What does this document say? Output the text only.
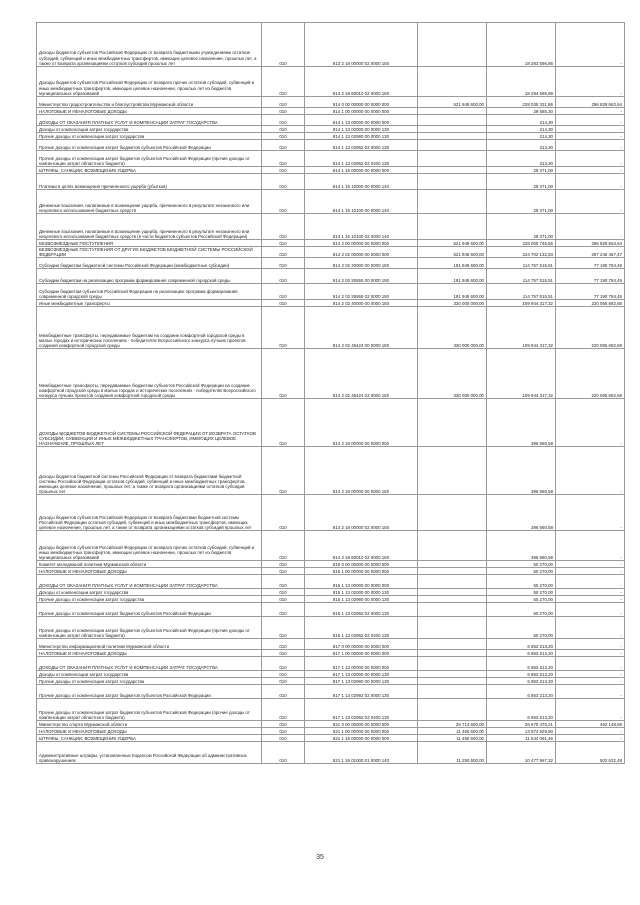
Доходы бюджетов субъектов Российской Федерации от возврата бюджетными учреждениями остатков субсидий, субвенций и иных межбюджетных трансфертов, имеющих целевое назначение, прошлых лет, а также от возврата организациями остатков субсидий прошлых лет	010	813 2 18 00000 02 0000 150		18 283 596,86	-
Доходы бюджетов субъектов Российской Федерации от возврата прочих остатков субсидий, субвенций и иных межбюджетных трансфертов, имеющих целевое назначение, прошлых лет из бюджетов муниципальных образований	010	813 2 18 60010 02 0000 150		18 284 596,89	-
Министерство градостроительства и благоустройства Мурманской области	010	814 0 00 00000 00 0000 000	521 948 600,00	228 035 331,86	296 829 663,64
НАЛОГОВЫЕ И НЕНАЛОГОВЫЕ ДОХОДЫ	010	814 1 00 00000 00 0000 000		29 585,30	-
ДОХОДЫ ОТ ОКАЗАНИЯ ПЛАТНЫХ УСЛУГ И КОМПЕНСАЦИИ ЗАТРАТ ГОСУДАРСТВА	010	814 1 13 00000 00 0000 000		214,30	-
Доходы от компенсации затрат государства	010	814 1 13 02000 00 0000 130		214,30	-
Прочие доходы от компенсации затрат государства	010	814 1 13 02990 00 0000 130		214,30	-
Прочие доходы от компенсации затрат бюджетов субъектов Российской Федерации	010	814 1 13 02992 02 0000 130		214,30	-
Прочие доходы от компенсации затрат бюджетов субъектов Российской Федерации (прочие доходы от компенсации затрат областного бюджета)	010	814 1 13 02992 02 0400 130		214,30	-
ШТРАФЫ, САНКЦИИ, ВОЗМЕЩЕНИЕ УЩЕРБА	010	814 1 16 00000 00 0000 000		29 371,00	-
Платежи в целях возмещения причиненного ущерба (убытков)	010	814 1 16 10000 00 0000 140		29 371,00	-
Денежные взыскания, налагаемые в возмещение ущерба, причиненного в результате незаконного или нецелевого использования бюджетных средств	010	814 1 16 10100 00 0000 140		29 371,00	-
Денежные взыскания, налагаемые в возмещение ущерба, причиненного в результате незаконного или нецелевого использования бюджетных средств (в части бюджетов субъектов Российской Федерации)	010	814 1 16 10100 02 0000 140		29 371,00	-
БЕЗВОЗМЕЗДНЫЕ ПОСТУПЛЕНИЯ	010	814 2 00 00000 00 0000 000	521 948 600,00	228 005 746,56	296 829 663,64
БЕЗВОЗМЕЗДНЫЕ ПОСТУПЛЕНИЯ ОТ ДРУГИХ БЮДЖЕТОВ БЮДЖЕТНОЙ СИСТЕМЫ РОССИЙСКОЙ ФЕДЕРАЦИИ	010	814 2 02 00000 00 0000 000	521 948 600,00	224 702 132,83	297 246 467,47
Субсидии бюджетам бюджетной системы Российской Федерации (межбюджетные субсидии)	010	814 2 02 20000 00 0000 150	191 948 600,00	114 757 515,51	77 190 784,49
Субсидии бюджетам на реализацию программ формирования современной городской среды	010	814 2 02 25555 00 0000 150	191 948 600,00	114 757 515,51	77 190 784,49
Субсидии бюджетам субъектов Российской Федерации на реализацию программ формирования современной городской среды	010	814 2 02 25555 02 0000 150	191 948 600,00	114 757 515,51	77 190 784,49
Иные межбюджетные трансферты	010	814 2 02 40000 00 0000 150	330 000 000,00	109 944 317,32	220 055 682,68
Межбюджетные трансферты, передаваемые бюджетам на создание комфортной городской среды в малых городах и исторических поселениях - победителях Всероссийского конкурса лучших проектов создания комфортной городской среды	010	814 2 02 45424 00 0000 150	330 000 000,00	109 944 317,32	220 055 682,68
Межбюджетные трансферты, передаваемые бюджетам субъектов Российской Федерации на создание комфортной городской среды в малых городах и исторических поселениях - победителях Всероссийского конкурса лучших проектов создания комфортной городской среды	010	814 2 02 45424 02 0000 150	330 000 000,00	109 944 317,32	220 055 682,68
ДОХОДЫ БЮДЖЕТОВ БЮДЖЕТНОЙ СИСТЕМЫ РОССИЙСКОЙ ФЕДЕРАЦИИ ОТ ВОЗВРАТА ОСТАТКОВ СУБСИДИЙ, СУБВЕНЦИЙ И ИНЫХ МЕЖБЮДЖЕТНЫХ ТРАНСФЕРТОВ, ИМЕЮЩИХ ЦЕЛЕВОЕ НАЗНАЧЕНИЕ, ПРОШЛЫХ ЛЕТ	010	814 2 18 00000 00 0000 000		396 680,58	-
Доходы бюджетов бюджетной системы Российской Федерации от возврата бюджетами бюджетной системы Российской Федерации остатков субсидий, субвенций и иных межбюджетных трансфертов, имеющих целевое назначение, прошлых лет, а также от возврата организациями остатков субсидий прошлых лет	010	814 2 18 00000 00 0000 150		396 680,58	-
Доходы бюджетов субъектов Российской Федерации от возврата бюджетами бюджетной системы Российской Федерации остатков субсидий, субвенций и иных межбюджетных трансфертов, имеющих целевое назначение, прошлых лет, а также от возврата организациями остатков субсидий прошлых лет	010	814 2 18 00000 02 0000 150		396 680,58	-
Доходы бюджетов субъектов Российской Федерации от возврата прочих остатков субсидий, субвенций и иных межбюджетных трансфертов, имеющих целевое назначение, прошлых лет из бюджетов муниципальных образований	010	814 2 18 60010 02 0000 150		396 680,58	-
Комитет молодежной политики Мурманской области	010	815 0 00 00000 00 0000 000		50 270,00	-
НАЛОГОВЫЕ И НЕНАЛОГОВЫЕ ДОХОДЫ	010	815 1 00 00000 00 0000 000		50 270,00	-
ДОХОДЫ ОТ ОКАЗАНИЯ ПЛАТНЫХ УСЛУГ И КОМПЕНСАЦИИ ЗАТРАТ ГОСУДАРСТВА	010	815 1 13 00000 00 0000 000		50 270,00	-
Доходы от компенсации затрат государства	010	815 1 13 02000 00 0000 130		50 270,00	-
Прочие доходы от компенсации затрат государства	010	815 1 13 02990 00 0000 130		50 270,00	-
Прочие доходы от компенсации затрат бюджетов субъектов Российской Федерации	010	815 1 13 02992 02 0000 130		50 270,00	-
Прочие доходы от компенсации затрат бюджетов субъектов Российской Федерации (прочие доходы от компенсации затрат областного бюджета)	010	815 1 13 02992 02 0400 130		50 270,00	-
Министерство информационной политики Мурманской области	010	817 0 00 00000 00 0000 000		6 853 213,20	-
НАЛОГОВЫЕ И НЕНАЛОГОВЫЕ ДОХОДЫ	010	817 1 00 00000 00 0000 000		6 853 213,20	-
ДОХОДЫ ОТ ОКАЗАНИЯ ПЛАТНЫХ УСЛУГ И КОМПЕНСАЦИИ ЗАТРАТ ГОСУДАРСТВА	010	817 1 13 00000 00 0000 000		6 853 213,20	-
Доходы от компенсации затрат государства	010	817 1 13 02000 00 0000 130		6 853 213,20	-
Прочие доходы от компенсации затрат государства	010	817 1 13 02990 00 0000 130		6 853 213,20	-
Прочие доходы от компенсации затрат бюджетов субъектов Российской Федерации	010	817 1 13 02992 02 0000 130		6 853 213,20	-
Прочие доходы от компенсации затрат бюджетов субъектов Российской Федерации (прочие доходы от компенсации затрат областного бюджета)	010	817 1 13 02992 02 0400 130		6 853 213,20	-
Министерство спорта Мурманской области	010	821 0 00 00000 00 0000 000	26 713 600,00	26 670 475,21	462 148,59
НАЛОГОВЫЕ И НЕНАЛОГОВЫЕ ДОХОДЫ	010	821 1 00 00000 00 0000 000	11 450 600,00	13 574 629,80	-
ШТРАФЫ, САНКЦИИ, ВОЗМЕЩЕНИЕ УЩЕРБА	010	821 1 16 00000 00 0000 000	11 450 600,00	11 544 091,46	-
Административные штрафы, установленные Кодексом Российской Федерации об административных правонарушениях	010	821 1 16 01000 01 0000 140	11 250 600,00	10 477 967,32	502 632,48
35
